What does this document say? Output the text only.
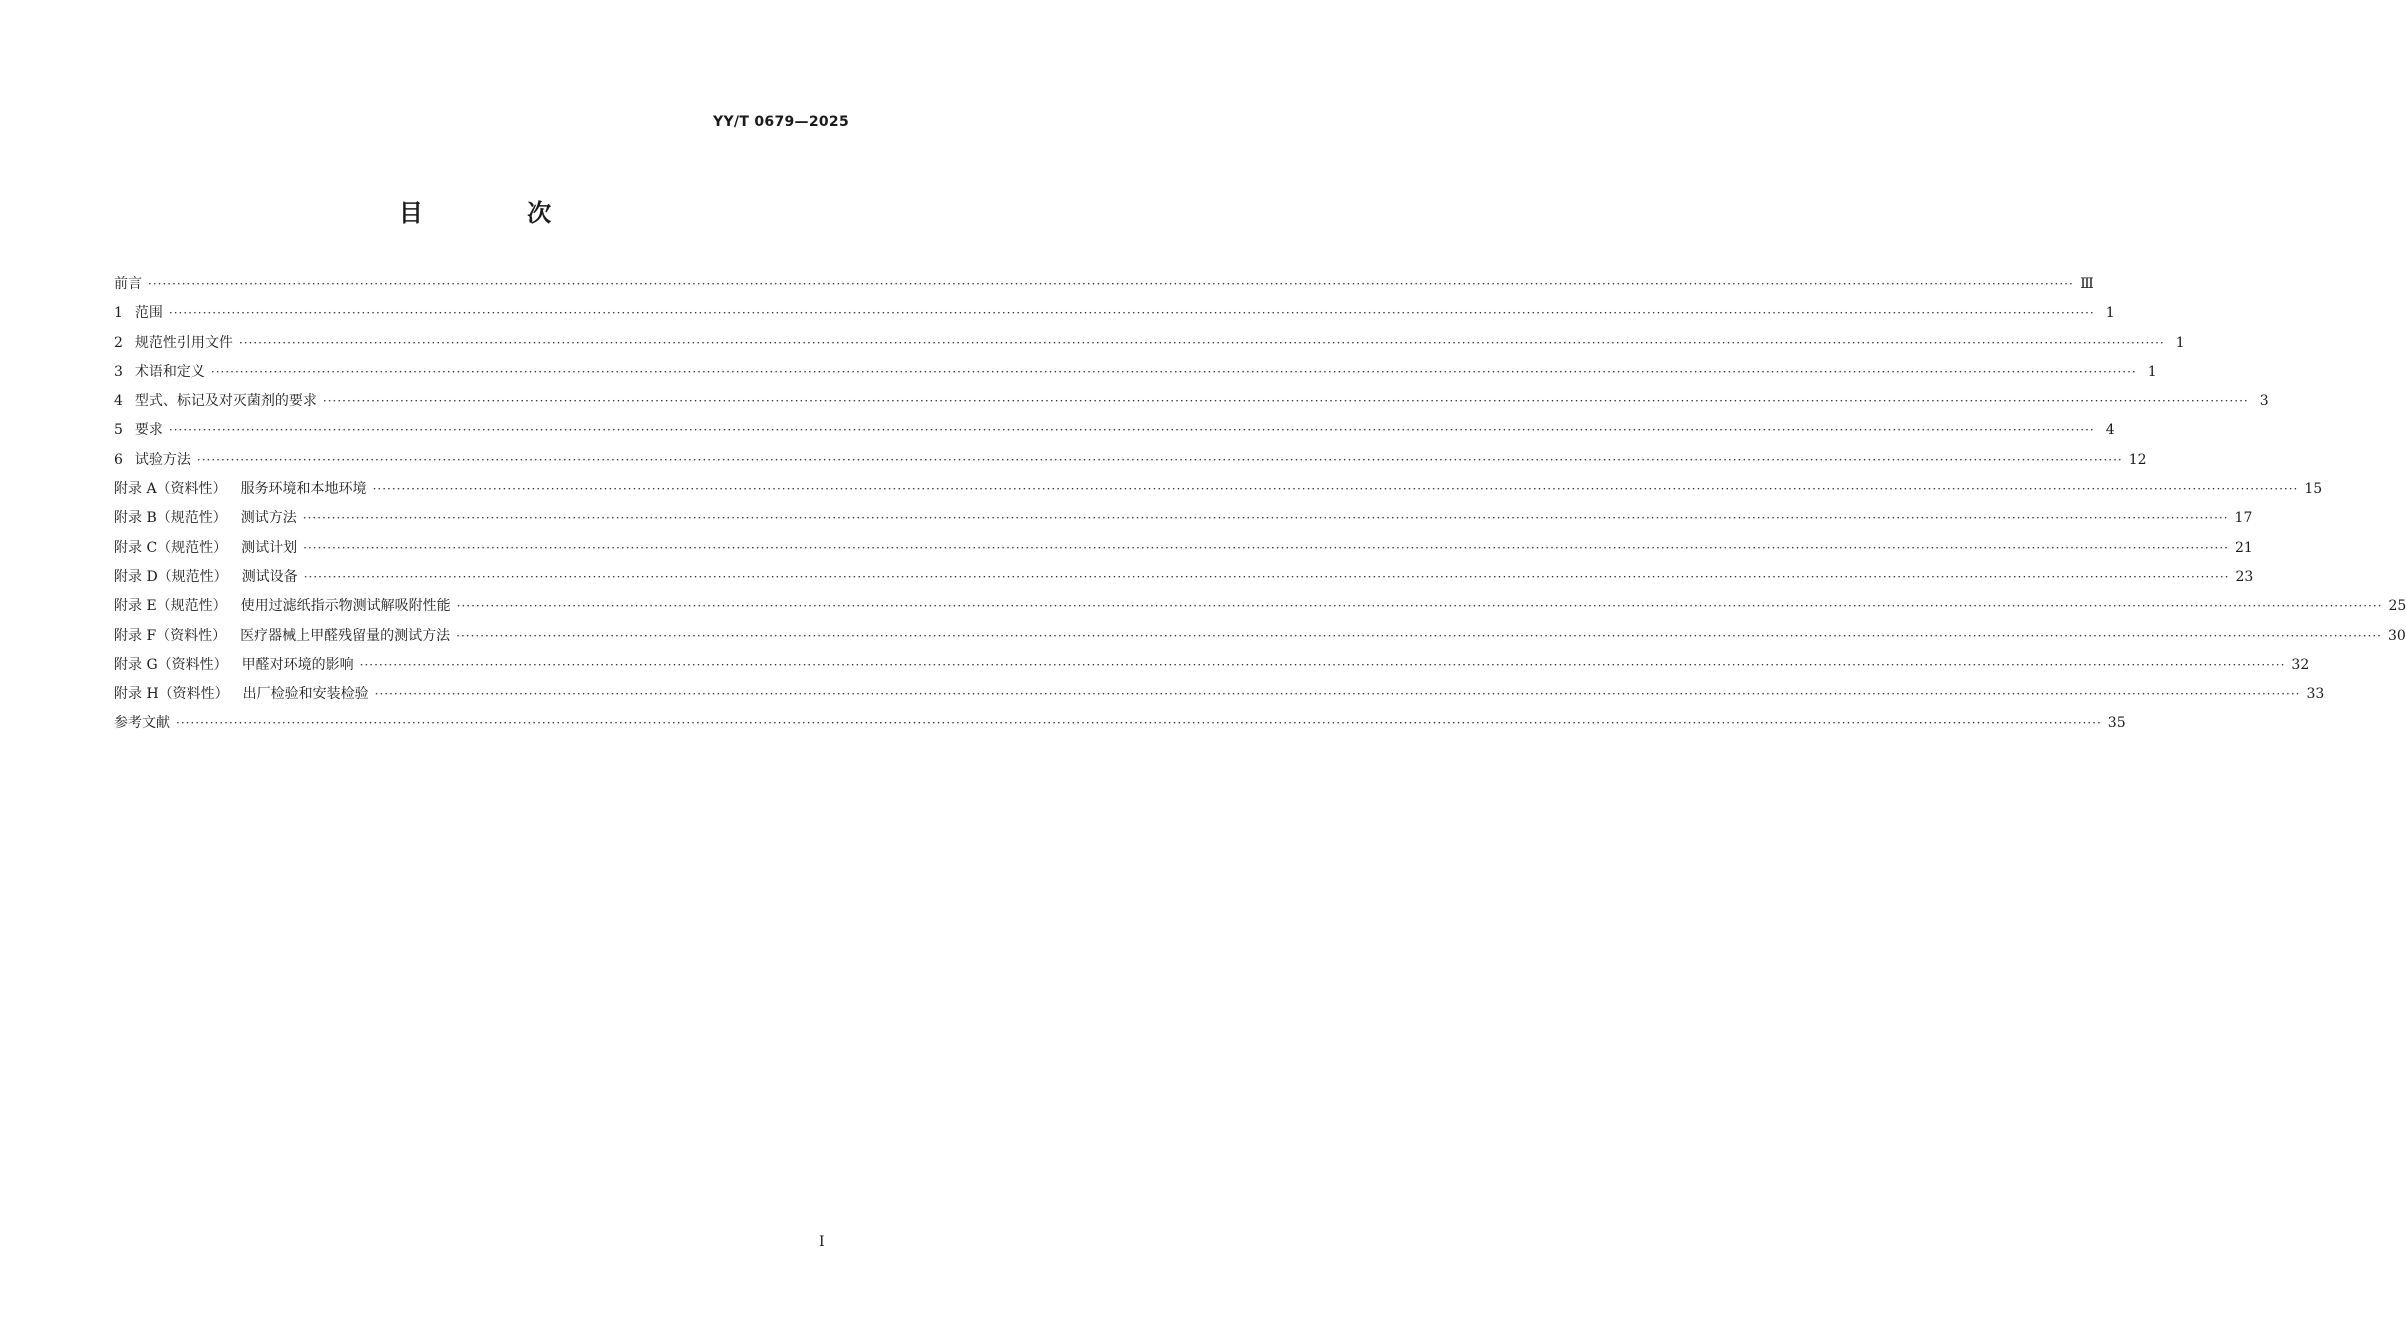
YY/T 0679—2025
目 次
前言 ················································································································································································································································································································································································································ Ⅲ
1 范围 ················································································································································································································································································································································································································ 1
2 规范性引用文件 ················································································································································································································································································································································································································ 1
3 术语和定义 ················································································································································································································································································································································································································ 1
4 型式、标记及对灭菌剂的要求 ················································································································································································································································································································································································································ 3
5 要求 ················································································································································································································································································································································································································ 4
6 试验方法 ················································································································································································································································································································································································································ 12
附录 A（资料性） 服务环境和本地环境 ················································································································································································································································································································································································································ 15
附录 B（规范性） 测试方法 ················································································································································································································································································································································································································ 17
附录 C（规范性） 测试计划 ················································································································································································································································································································································································································ 21
附录 D（规范性） 测试设备 ················································································································································································································································································································································································································ 23
附录 E（规范性） 使用过滤纸指示物测试解吸附性能 ················································································································································································································································································································································································································ 25
附录 F（资料性） 医疗器械上甲醛残留量的测试方法 ················································································································································································································································································································································································································ 30
附录 G（资料性） 甲醛对环境的影响 ················································································································································································································································································································································································································ 32
附录 H（资料性） 出厂检验和安装检验 ················································································································································································································································································································································································································ 33
参考文献 ················································································································································································································································································································································································································ 35
I
